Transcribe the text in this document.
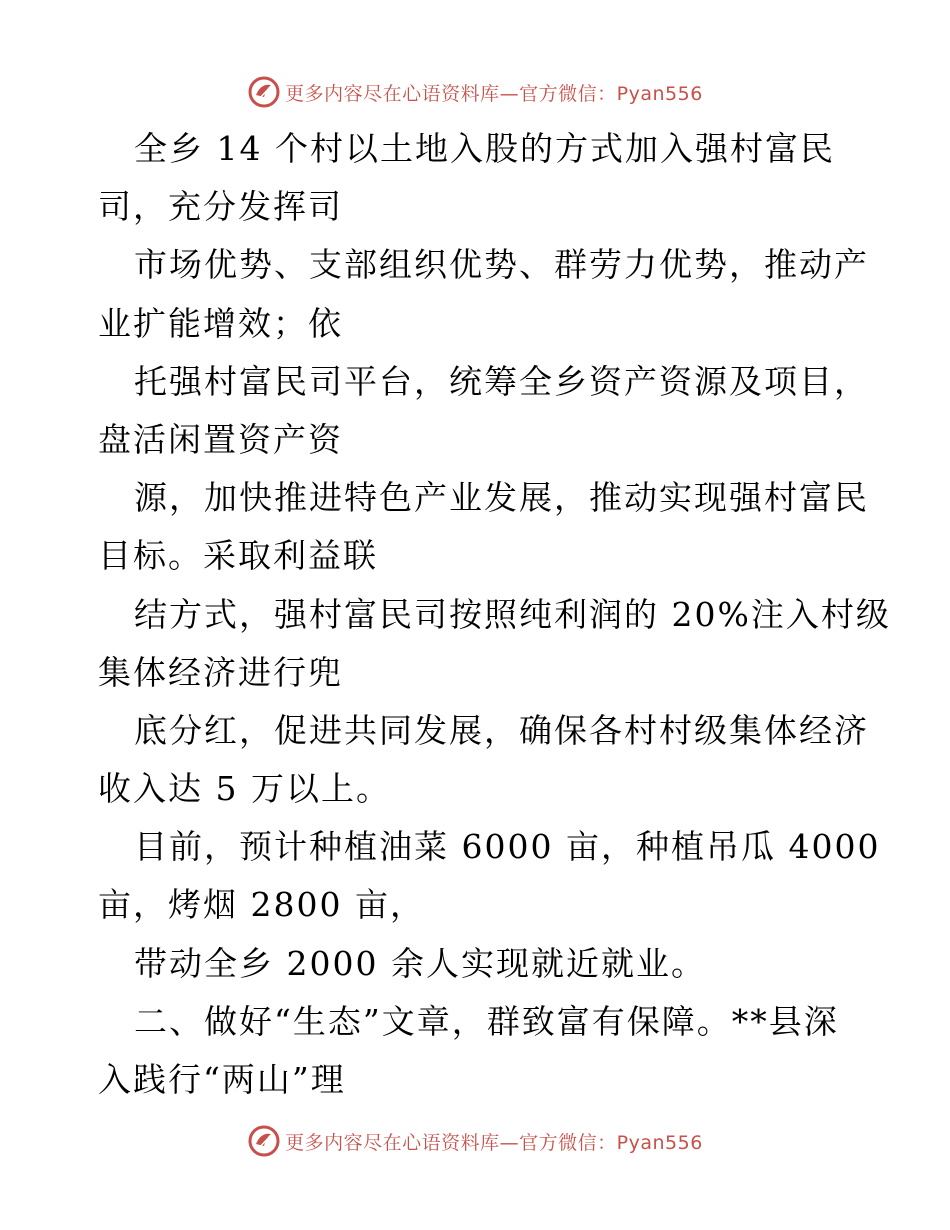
更多内容尽在心语资料库—官方微信：Pyan556
全乡 14 个村以土地入股的方式加入强村富民
司，充分发挥司
市场优势、支部组织优势、群劳力优势，推动产
业扩能增效；依
托强村富民司平台，统筹全乡资产资源及项目，
盘活闲置资产资
源，加快推进特色产业发展，推动实现强村富民
目标。采取利益联
结方式，强村富民司按照纯利润的 20%注入村级
集体经济进行兜
底分红，促进共同发展，确保各村村级集体经济
收入达 5 万以上。
目前，预计种植油菜 6000 亩，种植吊瓜 4000
亩，烤烟 2800 亩，
带动全乡 2000 余人实现就近就业。
二、做好“生态”文章，群致富有保障。**县深
入践行“两山”理
更多内容尽在心语资料库—官方微信：Pyan556
